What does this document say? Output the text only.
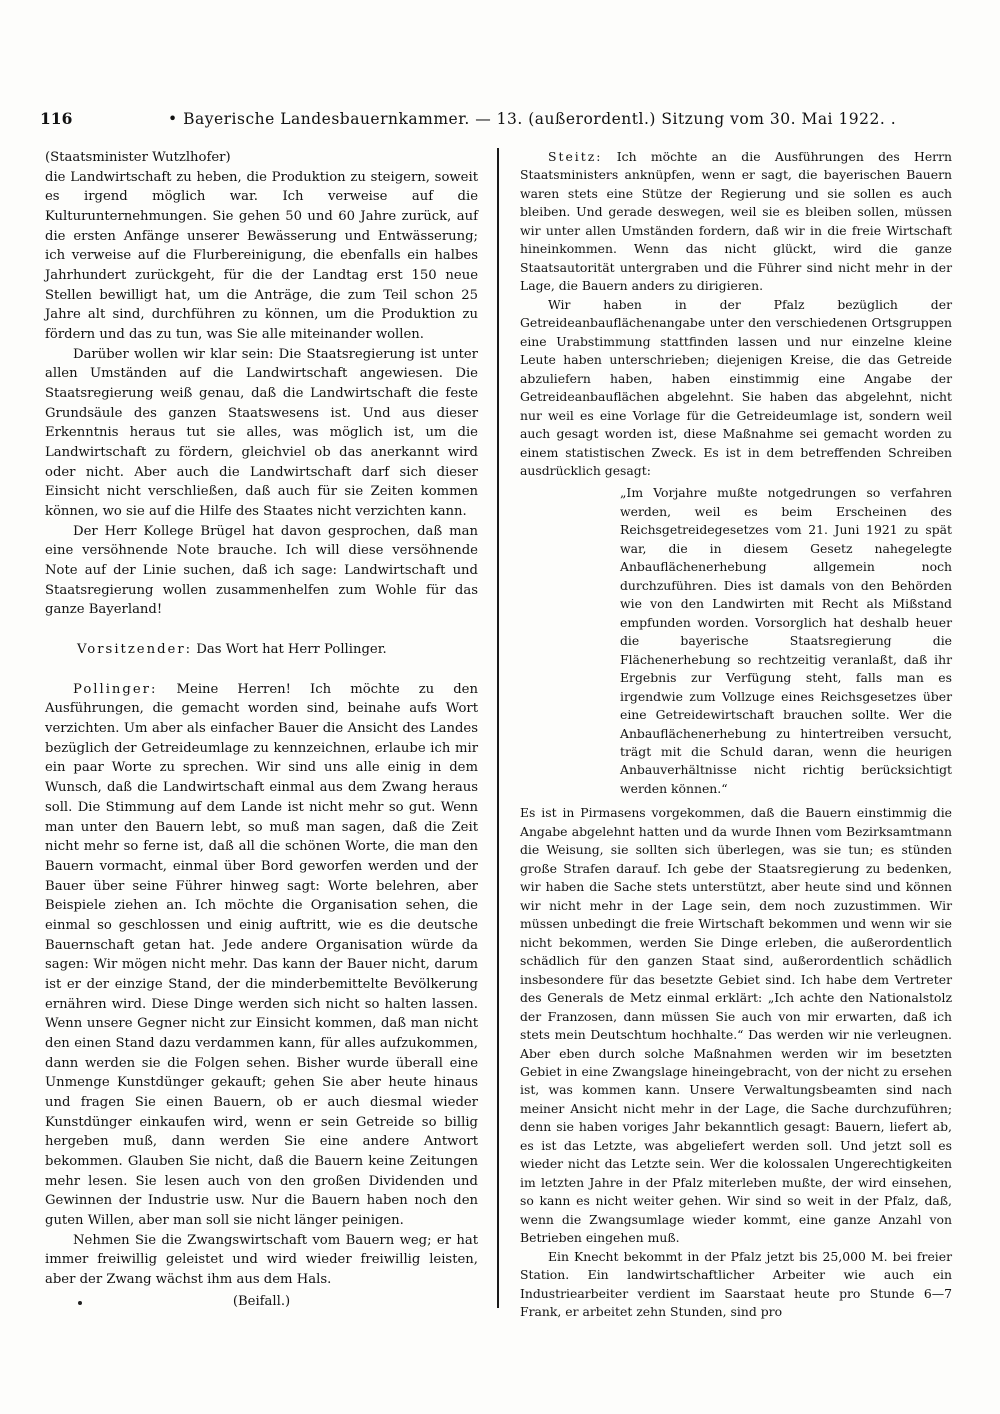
116	• Bayerische Landesbauernkammer. — 13. (außerordentl.) Sitzung vom 30. Mai 1922. .

(Staatsminister Wutzlhofer)

die Landwirtschaft zu heben, die Produktion zu steigern, soweit es irgend möglich war. Ich verweise auf die Kulturunternehmungen. Sie gehen 50 und 60 Jahre zurück, auf die ersten Anfänge unserer Bewässerung und Entwässerung; ich verweise auf die Flurbereinigung, die ebenfalls ein halbes Jahrhundert zurückgeht, für die der Landtag erst 150 neue Stellen bewilligt hat, um die Anträge, die zum Teil schon 25 Jahre alt sind, durchführen zu können, um die Produktion zu fördern und das zu tun, was Sie alle miteinander wollen.

Darüber wollen wir klar sein: Die Staatsregierung ist unter allen Umständen auf die Landwirtschaft angewiesen. Die Staatsregierung weiß genau, daß die Landwirtschaft die feste Grundsäule des ganzen Staatswesens ist. Und aus dieser Erkenntnis heraus tut sie alles, was möglich ist, um die Landwirtschaft zu fördern, gleichviel ob das anerkannt wird oder nicht. Aber auch die Landwirtschaft darf sich dieser Einsicht nicht verschließen, daß auch für sie Zeiten kommen können, wo sie auf die Hilfe des Staates nicht verzichten kann.

Der Herr Kollege Brügel hat davon gesprochen, daß man eine versöhnende Note brauche. Ich will diese versöhnende Note auf der Linie suchen, daß ich sage: Landwirtschaft und Staatsregierung wollen zusammenhelfen zum Wohle für das ganze Bayerland!

Vorsitzender: Das Wort hat Herr Pollinger.

Pollinger: Meine Herren! Ich möchte zu den Ausführungen, die gemacht worden sind, beinahe aufs Wort verzichten. Um aber als einfacher Bauer die Ansicht des Landes bezüglich der Getreideumlage zu kennzeichnen, erlaube ich mir ein paar Worte zu sprechen. Wir sind uns alle einig in dem Wunsch, daß die Landwirtschaft einmal aus dem Zwang heraus soll. Die Stimmung auf dem Lande ist nicht mehr so gut. Wenn man unter den Bauern lebt, so muß man sagen, daß die Zeit nicht mehr so ferne ist, daß all die schönen Worte, die man den Bauern vormacht, einmal über Bord geworfen werden und der Bauer über seine Führer hinweg sagt: Worte belehren, aber Beispiele ziehen an. Ich möchte die Organisation sehen, die einmal so geschlossen und einig auftritt, wie es die deutsche Bauernschaft getan hat. Jede andere Organisation würde da sagen: Wir mögen nicht mehr. Das kann der Bauer nicht, darum ist er der einzige Stand, der die minderbemittelte Bevölkerung ernähren wird. Diese Dinge werden sich nicht so halten lassen. Wenn unsere Gegner nicht zur Einsicht kommen, daß man nicht den einen Stand dazu verdammen kann, für alles aufzukommen, dann werden sie die Folgen sehen. Bisher wurde überall eine Unmenge Kunstdünger gekauft; gehen Sie aber heute hinaus und fragen Sie einen Bauern, ob er auch diesmal wieder Kunstdünger einkaufen wird, wenn er sein Getreide so billig hergeben muß, dann werden Sie eine andere Antwort bekommen. Glauben Sie nicht, daß die Bauern keine Zeitungen mehr lesen. Sie lesen auch von den großen Dividenden und Gewinnen der Industrie usw. Nur die Bauern haben noch den guten Willen, aber man soll sie nicht länger peinigen.

Nehmen Sie die Zwangswirtschaft vom Bauern weg; er hat immer freiwillig geleistet und wird wieder freiwillig leisten, aber der Zwang wächst ihm aus dem Hals.

(Beifall.)

Steitz: Ich möchte an die Ausführungen des Herrn Staatsministers anknüpfen, wenn er sagt, die bayerischen Bauern waren stets eine Stütze der Regierung und sie sollen es auch bleiben. Und gerade deswegen, weil sie es bleiben sollen, müssen wir unter allen Umständen fordern, daß wir in die freie Wirtschaft hineinkommen. Wenn das nicht glückt, wird die ganze Staatsautorität untergraben und die Führer sind nicht mehr in der Lage, die Bauern anders zu dirigieren.

Wir haben in der Pfalz bezüglich der Getreideanbauflächenangabe unter den verschiedenen Ortsgruppen eine Urabstimmung stattfinden lassen und nur einzelne kleine Leute haben unterschrieben; diejenigen Kreise, die das Getreide abzuliefern haben, haben einstimmig eine Angabe der Getreideanbauflächen abgelehnt. Sie haben das abgelehnt, nicht nur weil es eine Vorlage für die Getreideumlage ist, sondern weil auch gesagt worden ist, diese Maßnahme sei gemacht worden zu einem statistischen Zweck. Es ist in dem betreffenden Schreiben ausdrücklich gesagt:

„Im Vorjahre mußte notgedrungen so verfahren werden, weil es beim Erscheinen des Reichsgetreidegesetzes vom 21. Juni 1921 zu spät war, die in diesem Gesetz nahegelegte Anbauflächenerhebung allgemein noch durchzuführen. Dies ist damals von den Behörden wie von den Landwirten mit Recht als Mißstand empfunden worden. Vorsorglich hat deshalb heuer die bayerische Staatsregierung die Flächenerhebung so rechtzeitig veranlaßt, daß ihr Ergebnis zur Verfügung steht, falls man es irgendwie zum Vollzuge eines Reichsgesetzes über eine Getreidewirtschaft brauchen sollte. Wer die Anbauflächenerhebung zu hintertreiben versucht, trägt mit die Schuld daran, wenn die heurigen Anbauverhältnisse nicht richtig berücksichtigt werden können.“

Es ist in Pirmasens vorgekommen, daß die Bauern einstimmig die Angabe abgelehnt hatten und da wurde Ihnen vom Bezirksamtmann die Weisung, sie sollten sich überlegen, was sie tun; es stünden große Strafen darauf. Ich gebe der Staatsregierung zu bedenken, wir haben die Sache stets unterstützt, aber heute sind und können wir nicht mehr in der Lage sein, dem noch zuzustimmen. Wir müssen unbedingt die freie Wirtschaft bekommen und wenn wir sie nicht bekommen, werden Sie Dinge erleben, die außerordentlich schädlich für den ganzen Staat sind, außerordentlich schädlich insbesondere für das besetzte Gebiet sind. Ich habe dem Vertreter des Generals de Metz einmal erklärt: „Ich achte den Nationalstolz der Franzosen, dann müssen Sie auch von mir erwarten, daß ich stets mein Deutschtum hochhalte.“ Das werden wir nie verleugnen. Aber eben durch solche Maßnahmen werden wir im besetzten Gebiet in eine Zwangslage hineingebracht, von der nicht zu ersehen ist, was kommen kann. Unsere Verwaltungsbeamten sind nach meiner Ansicht nicht mehr in der Lage, die Sache durchzuführen; denn sie haben voriges Jahr bekanntlich gesagt: Bauern, liefert ab, es ist das Letzte, was abgeliefert werden soll. Und jetzt soll es wieder nicht das Letzte sein. Wer die kolossalen Ungerechtigkeiten im letzten Jahre in der Pfalz miterleben mußte, der wird einsehen, so kann es nicht weiter gehen. Wir sind so weit in der Pfalz, daß, wenn die Zwangsumlage wieder kommt, eine ganze Anzahl von Betrieben eingehen muß.

Ein Knecht bekommt in der Pfalz jetzt bis 25,000 M. bei freier Station. Ein landwirtschaftlicher Arbeiter wie auch ein Industriearbeiter verdient im Saarstaat heute pro Stunde 6—7 Frank, er arbeitet zehn Stunden, sind pro
